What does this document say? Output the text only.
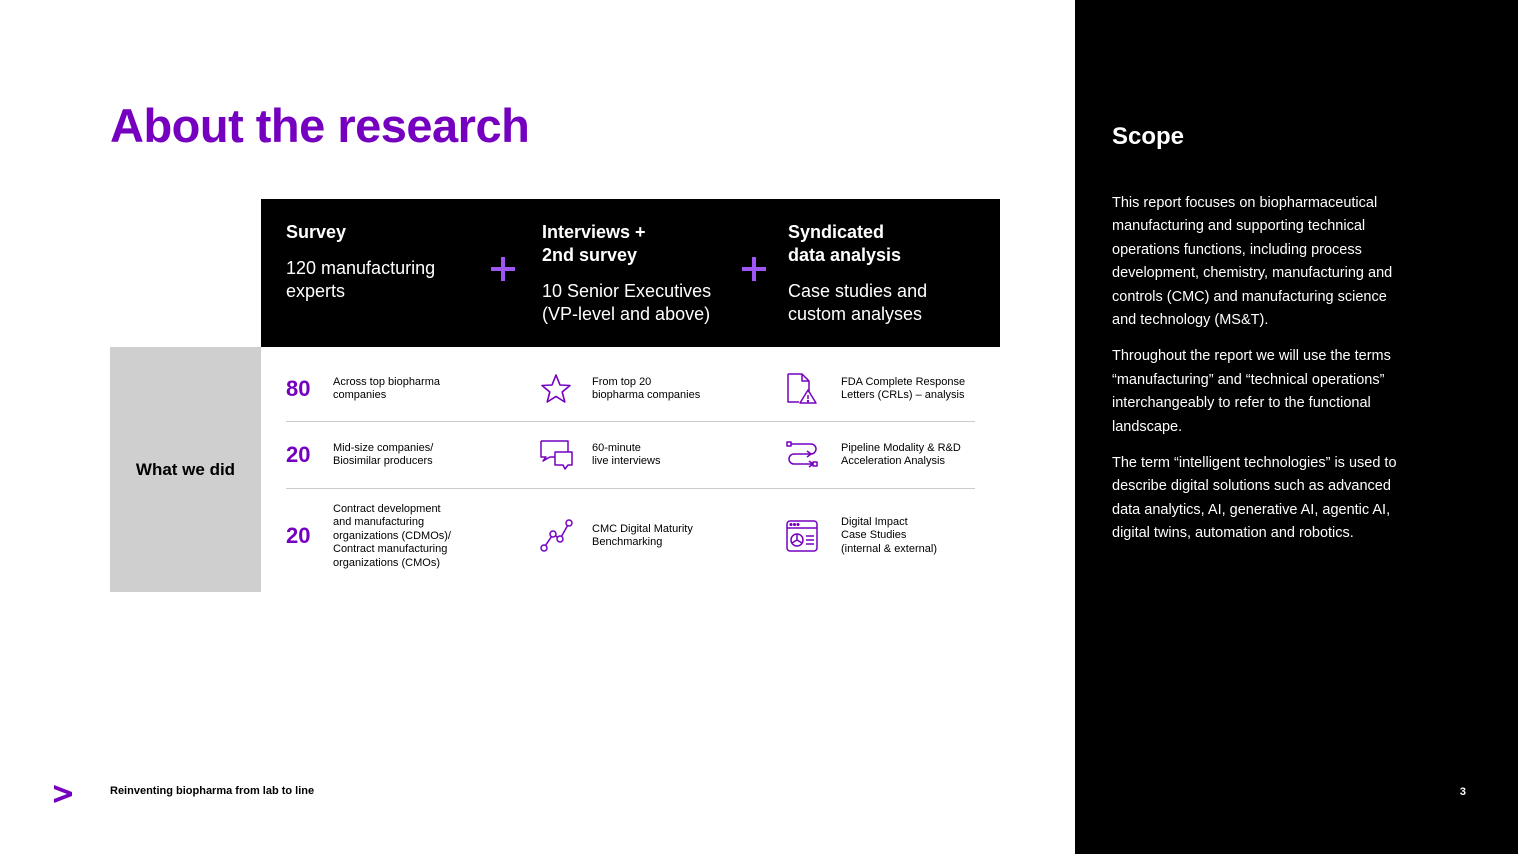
About the research
Survey
120 manufacturing
experts
Interviews +
2nd survey
10 Senior Executives
(VP-level and above)
Syndicated
data analysis
Case studies and
custom analyses
What we did
80 Across top biopharma
companies
From top 20
biopharma companies
FDA Complete Response
Letters (CRLs) – analysis
20 Mid-size companies/
Biosimilar producers
60-minute
live interviews
Pipeline Modality & R&D
Acceleration Analysis
20
Contract development
and manufacturing
organizations (CDMOs)/
Contract manufacturing
organizations (CMOs)
CMC Digital Maturity
Benchmarking
Digital Impact
Case Studies
(internal & external)
Scope

This report focuses on biopharmaceutical manufacturing and supporting technical operations functions, including process development, chemistry, manufacturing and controls (CMC) and manufacturing science and technology (MS&T).

Throughout the report we will use the terms “manufacturing” and “technical operations” interchangeably to refer to the functional landscape.

The term “intelligent technologies” is used to describe digital solutions such as advanced data analytics, AI, generative AI, agentic AI, digital twins, automation and robotics.

3
Reinventing biopharma from lab to line
